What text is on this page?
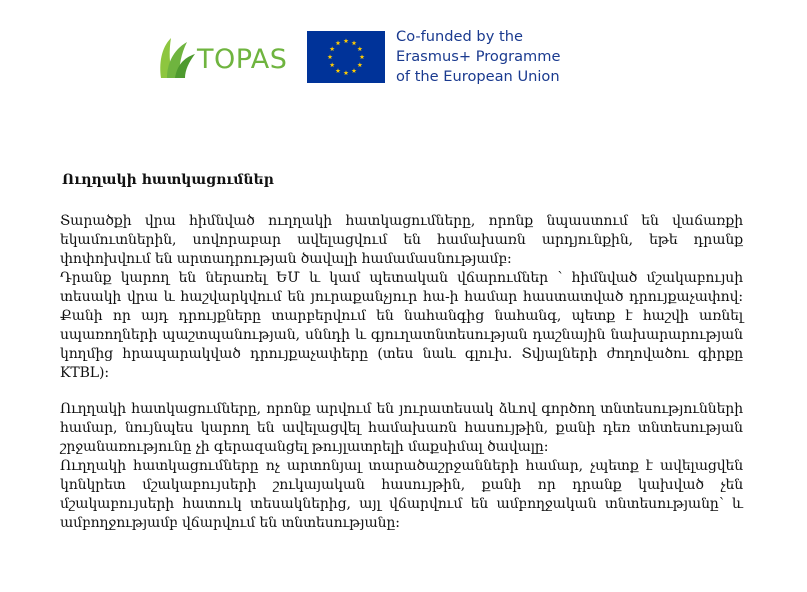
TOPAS
Co-funded by the
Erasmus+ Programme
of the European Union
Ուղղակի հատկացումներ

Տարածքի վրա հիմնված ուղղակի հատկացումները, որոնք նպաստում են վաճառքի եկամուտներին, սովորաբար ավելացվում են համախառն արդյունքին, եթե դրանք փոփոխվում են արտադրության ծավալի համամասնությամբ:

Դրանք կարող են ներառել ԵՄ և կամ պետական վճարումներ ՝ հիմնված մշակաբույսի տեսակի վրա և հաշվարկվում են յուրաքանչյուր հա-ի համար հաստատված դրույքաչափով: Քանի որ այդ դրույքները տարբերվում են նահանգից նահանգ, պետք է հաշվի առնել սպառողների պաշտպանության, սննդի և գյուղատնտեսության դաշնային նախարարության կողմից հրապարակված դրույքաչափերը (տես նաև գլուխ. Տվյալների ժողովածու գիրքը KTBL):

Ուղղակի հատկացումները, որոնք արվում են յուրատեսակ ձևով գործող տնտեսությունների համար, նույնպես կարող են ավելացվել համախառն հասույթին, քանի դեռ տնտեսության շրջանառությունը չի գերազանցել թույլատրելի մաքսիմալ ծավալը:

Ուղղակի հատկացումները ոչ արտոնյալ տարածաշրջանների համար, չպետք է ավելացվեն կոնկրետ մշակաբույսերի շուկայական հասույթին, քանի որ դրանք կախված չեն մշակաբույսերի հատուկ տեսակներից, այլ վճարվում են ամբողջական տնտեսությանը՝ և ամբողջությամբ վճարվում են տնտեսությանը:
